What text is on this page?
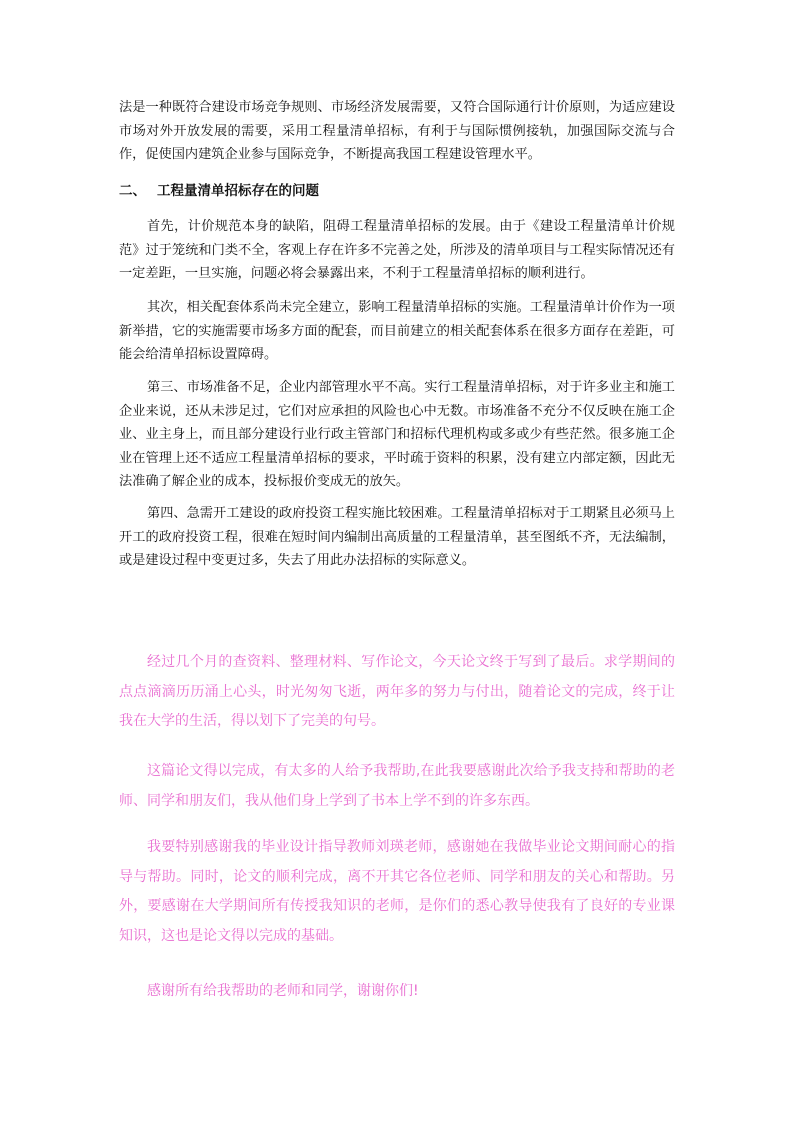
法是一种既符合建设市场竞争规则、市场经济发展需要，又符合国际通行计价原则，为适应建设市场对外开放发展的需要，采用工程量清单招标，有利于与国际惯例接轨，加强国际交流与合作，促使国内建筑企业参与国际竞争，不断提高我国工程建设管理水平。

二、 工程量清单招标存在的问题

首先，计价规范本身的缺陷，阻碍工程量清单招标的发展。由于《建设工程量清单计价规范》过于笼统和门类不全，客观上存在许多不完善之处，所涉及的清单项目与工程实际情况还有一定差距，一旦实施，问题必将会暴露出来，不利于工程量清单招标的顺利进行。

其次，相关配套体系尚未完全建立，影响工程量清单招标的实施。工程量清单计价作为一项新举措，它的实施需要市场多方面的配套，而目前建立的相关配套体系在很多方面存在差距，可能会给清单招标设置障碍。

第三、市场准备不足，企业内部管理水平不高。实行工程量清单招标，对于许多业主和施工企业来说，还从未涉足过，它们对应承担的风险也心中无数。市场准备不充分不仅反映在施工企业、业主身上，而且部分建设行业行政主管部门和招标代理机构或多或少有些茫然。很多施工企业在管理上还不适应工程量清单招标的要求，平时疏于资料的积累，没有建立内部定额，因此无法准确了解企业的成本，投标报价变成无的放矢。

第四、急需开工建设的政府投资工程实施比较困难。工程量清单招标对于工期紧且必须马上开工的政府投资工程，很难在短时间内编制出高质量的工程量清单，甚至图纸不齐，无法编制，或是建设过程中变更过多，失去了用此办法招标的实际意义。

经过几个月的查资料、整理材料、写作论文，今天论文终于写到了最后。求学期间的点点滴滴历历涌上心头，时光匆匆飞逝，两年多的努力与付出，随着论文的完成，终于让我在大学的生活，得以划下了完美的句号。

这篇论文得以完成，有太多的人给予我帮助,在此我要感谢此次给予我支持和帮助的老师、同学和朋友们，我从他们身上学到了书本上学不到的许多东西。

我要特别感谢我的毕业设计指导教师刘瑛老师，感谢她在我做毕业论文期间耐心的指导与帮助。同时，论文的顺利完成，离不开其它各位老师、同学和朋友的关心和帮助。另外，要感谢在大学期间所有传授我知识的老师，是你们的悉心教导使我有了良好的专业课知识，这也是论文得以完成的基础。

感谢所有给我帮助的老师和同学，谢谢你们!
